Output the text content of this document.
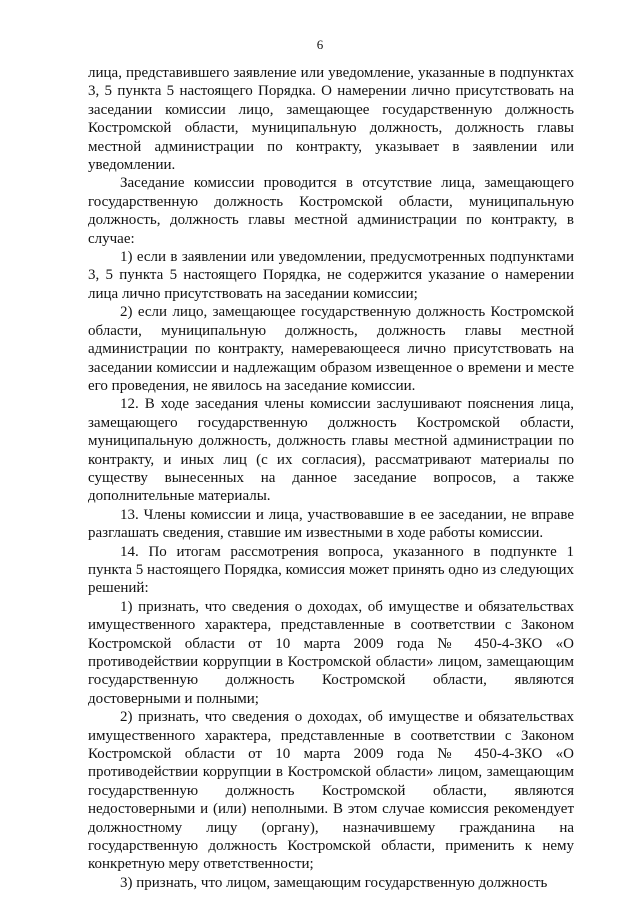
6

лица, представившего заявление или уведомление, указанные в подпунктах 3, 5 пункта 5 настоящего Порядка. О намерении лично присутствовать на заседании комиссии лицо, замещающее государственную должность Костромской области, муниципальную должность, должность главы местной администрации по контракту, указывает в заявлении или уведомлении.

Заседание комиссии проводится в отсутствие лица, замещающего государственную должность Костромской области, муниципальную должность, должность главы местной администрации по контракту, в случае:

1) если в заявлении или уведомлении, предусмотренных подпунктами 3, 5 пункта 5 настоящего Порядка, не содержится указание о намерении лица лично присутствовать на заседании комиссии;

2) если лицо, замещающее государственную должность Костромской области, муниципальную должность, должность главы местной администрации по контракту, намеревающееся лично присутствовать на заседании комиссии и надлежащим образом извещенное о времени и месте его проведения, не явилось на заседание комиссии.

12. В ходе заседания члены комиссии заслушивают пояснения лица, замещающего государственную должность Костромской области, муниципальную должность, должность главы местной администрации по контракту, и иных лиц (с их согласия), рассматривают материалы по существу вынесенных на данное заседание вопросов, а также дополнительные материалы.

13. Члены комиссии и лица, участвовавшие в ее заседании, не вправе разглашать сведения, ставшие им известными в ходе работы комиссии.

14. По итогам рассмотрения вопроса, указанного в подпункте 1 пункта 5 настоящего Порядка, комиссия может принять одно из следующих решений:

1) признать, что сведения о доходах, об имуществе и обязательствах имущественного характера, представленные в соответствии с Законом Костромской области от 10 марта 2009 года № 450-4-ЗКО «О противодействии коррупции в Костромской области» лицом, замещающим государственную должность Костромской области, являются достоверными и полными;

2) признать, что сведения о доходах, об имуществе и обязательствах имущественного характера, представленные в соответствии с Законом Костромской области от 10 марта 2009 года № 450-4-ЗКО «О противодействии коррупции в Костромской области» лицом, замещающим государственную должность Костромской области, являются недостоверными и (или) неполными. В этом случае комиссия рекомендует должностному лицу (органу), назначившему гражданина на государственную должность Костромской области, применить к нему конкретную меру ответственности;

3) признать, что лицом, замещающим государственную должность
